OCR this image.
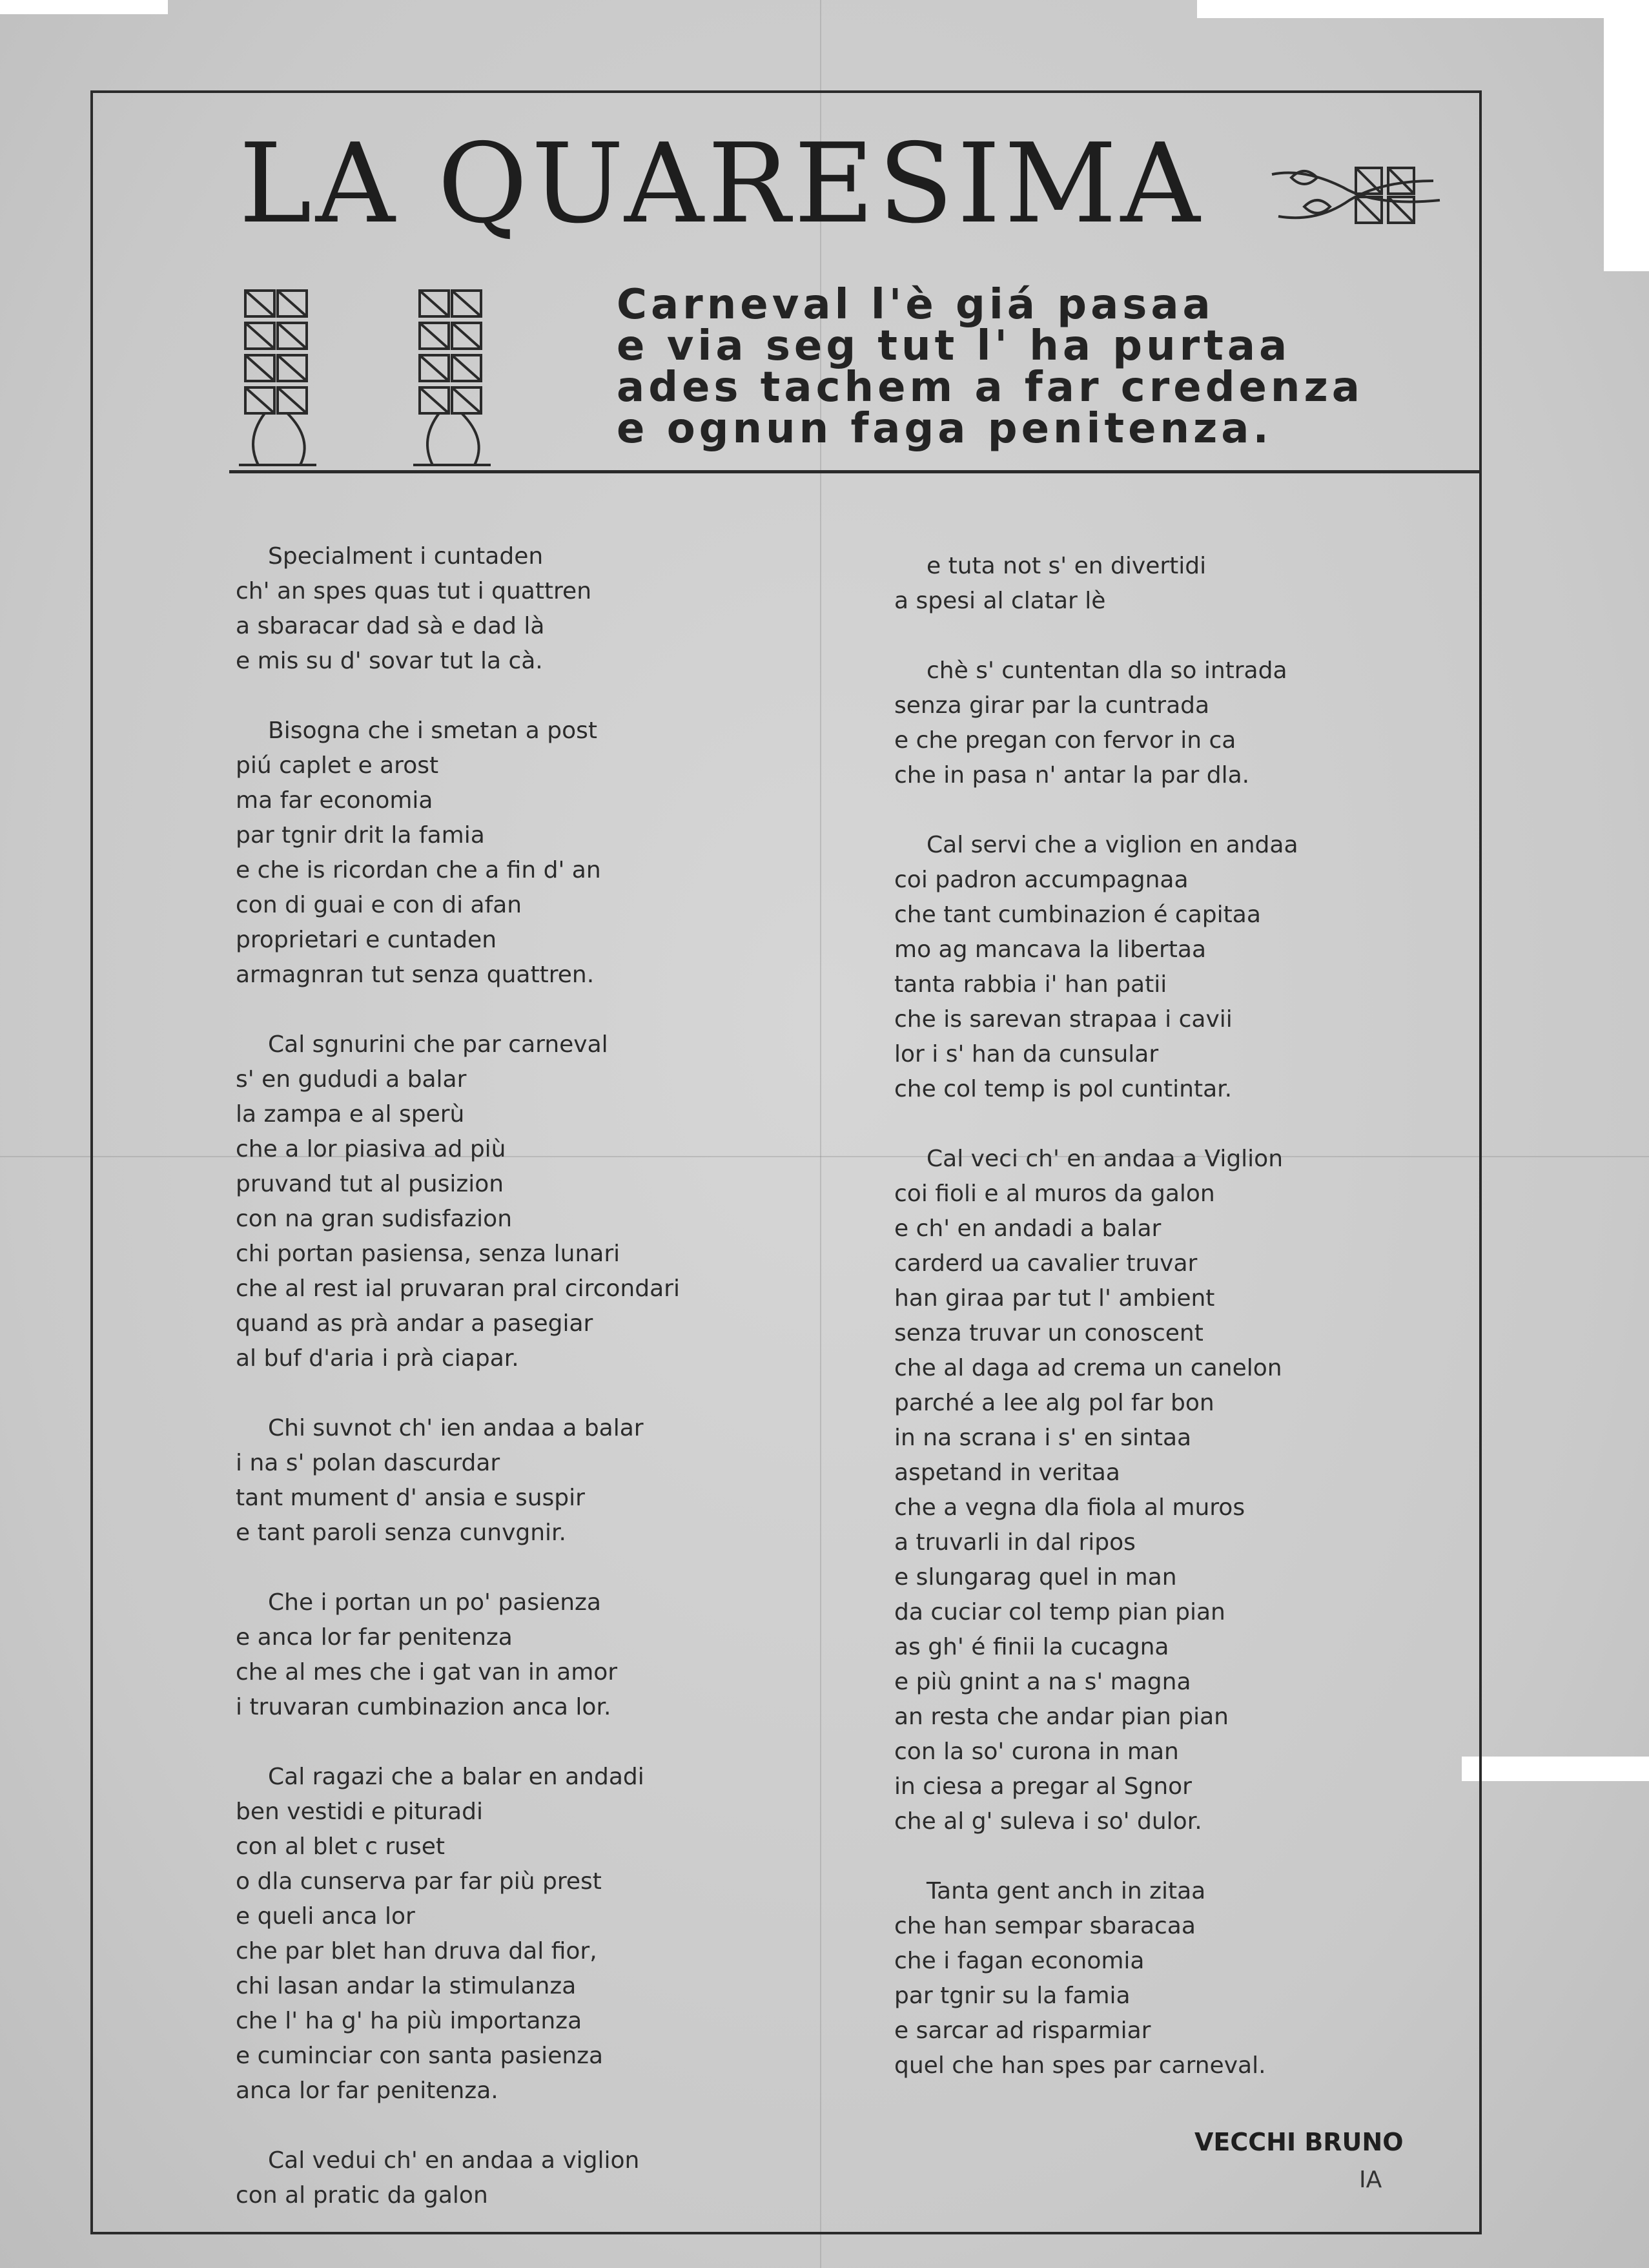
LA QUARESIMA
Carneval l'è giá pasaa
e via seg tut l' ha purtaa
ades tachem a far credenza
e ognun faga penitenza.
Specialment i cuntaden
ch' an spes quas tut i quattren
a sbaracar dad sà e dad là
e mis su d' sovar tut la cà.
Bisogna che i smetan a post
piú caplet e arost
ma far economia
par tgnir drit la famia
e che is ricordan che a fin d' an
con di guai e con di afan
proprietari e cuntaden
armagnran tut senza quattren.
Cal sgnurini che par carneval
s' en gududi a balar
la zampa e al sperù
che a lor piasiva ad più
pruvand tut al pusizion
con na gran sudisfazion
chi portan pasiensa, senza lunari
che al rest ial pruvaran pral circondari
quand as prà andar a pasegiar
al buf d'aria i prà ciapar.
Chi suvnot ch' ien andaa a balar
i na s' polan dascurdar
tant mument d' ansia e suspir
e tant paroli senza cunvgnir.
Che i portan un po' pasienza
e anca lor far penitenza
che al mes che i gat van in amor
i truvaran cumbinazion anca lor.
Cal ragazi che a balar en andadi
ben vestidi e pituradi
con al blet c ruset
o dla cunserva par far più prest
e queli anca lor
che par blet han druva dal fior,
chi lasan andar la stimulanza
che l' ha g' ha più importanza
e cuminciar con santa pasienza
anca lor far penitenza.
Cal vedui ch' en andaa a viglion
con al pratic da galon
e tuta not s' en divertidi
a spesi al clatar lè
chè s' cuntentan dla so intrada
senza girar par la cuntrada
e che pregan con fervor in ca
che in pasa n' antar la par dla.
Cal servi che a viglion en andaa
coi padron accumpagnaa
che tant cumbinazion é capitaa
mo ag mancava la libertaa
tanta rabbia i' han patii
che is sarevan strapaa i cavii
lor i s' han da cunsular
che col temp is pol cuntintar.
Cal veci ch' en andaa a Viglion
coi fioli e al muros da galon
e ch' en andadi a balar
carderd ua cavalier truvar
han giraa par tut l' ambient
senza truvar un conoscent
che al daga ad crema un canelon
parché a lee alg pol far bon
in na scrana i s' en sintaa
aspetand in veritaa
che a vegna dla fiola al muros
a truvarli in dal ripos
e slungarag quel in man
da cuciar col temp pian pian
as gh' é finii la cucagna
e più gnint a na s' magna
an resta che andar pian pian
con la so' curona in man
in ciesa a pregar al Sgnor
che al g' suleva i so' dulor.
Tanta gent anch in zitaa
che han sempar sbaracaa
che i fagan economia
par tgnir su la famia
e sarcar ad risparmiar
quel che han spes par carneval.
VECCHI BRUNO
IA
